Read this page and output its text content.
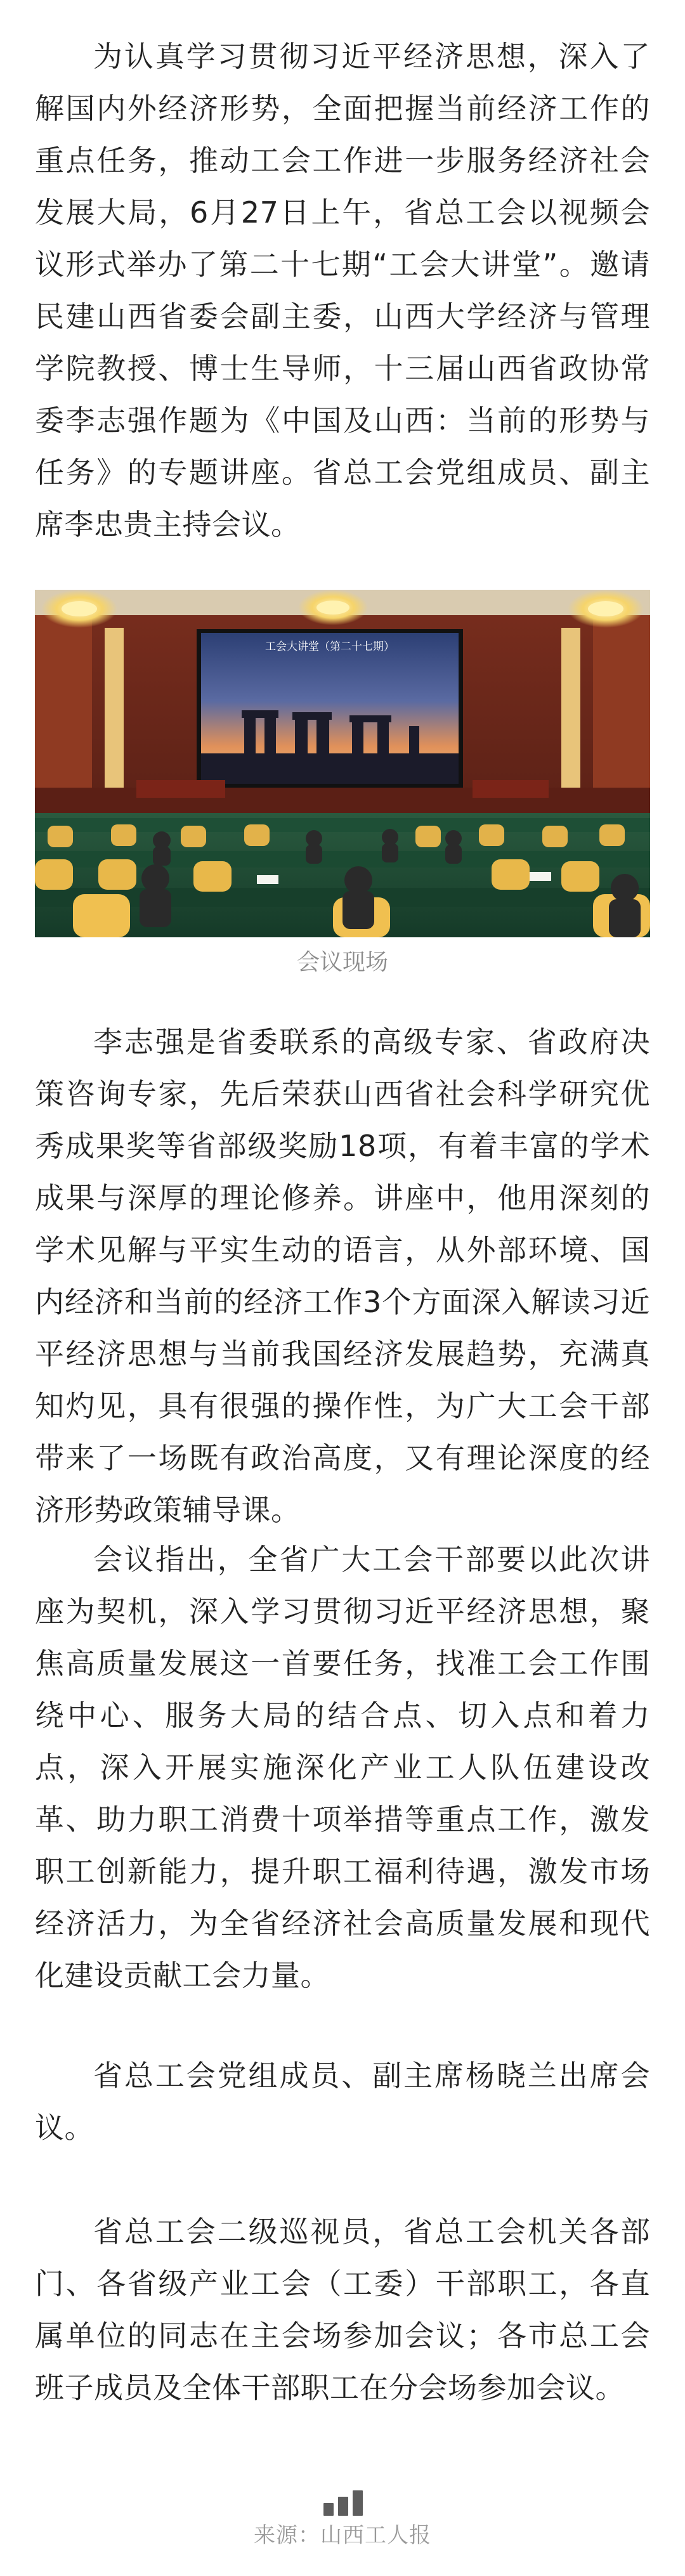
为认真学习贯彻习近平经济思想，深入了解国内外经济形势，全面把握当前经济工作的重点任务，推动工会工作进一步服务经济社会发展大局，6月27日上午，省总工会以视频会议形式举办了第二十七期“工会大讲堂”。邀请民建山西省委会副主委，山西大学经济与管理学院教授、博士生导师，十三届山西省政协常委李志强作题为《中国及山西：当前的形势与任务》的专题讲座。省总工会党组成员、副主席李忠贵主持会议。

工会大讲堂（第二十七期）
会议现场

李志强是省委联系的高级专家、省政府决策咨询专家，先后荣获山西省社会科学研究优秀成果奖等省部级奖励18项，有着丰富的学术成果与深厚的理论修养。讲座中，他用深刻的学术见解与平实生动的语言，从外部环境、国内经济和当前的经济工作3个方面深入解读习近平经济思想与当前我国经济发展趋势，充满真知灼见，具有很强的操作性，为广大工会干部带来了一场既有政治高度，又有理论深度的经济形势政策辅导课。

会议指出，全省广大工会干部要以此次讲座为契机，深入学习贯彻习近平经济思想，聚焦高质量发展这一首要任务，找准工会工作围绕中心、服务大局的结合点、切入点和着力点，深入开展实施深化产业工人队伍建设改革、助力职工消费十项举措等重点工作，激发职工创新能力，提升职工福利待遇，激发市场经济活力，为全省经济社会高质量发展和现代化建设贡献工会力量。

省总工会党组成员、副主席杨晓兰出席会议。

省总工会二级巡视员，省总工会机关各部门、各省级产业工会（工委）干部职工，各直属单位的同志在主会场参加会议；各市总工会班子成员及全体干部职工在分会场参加会议。

来源：山西工人报
